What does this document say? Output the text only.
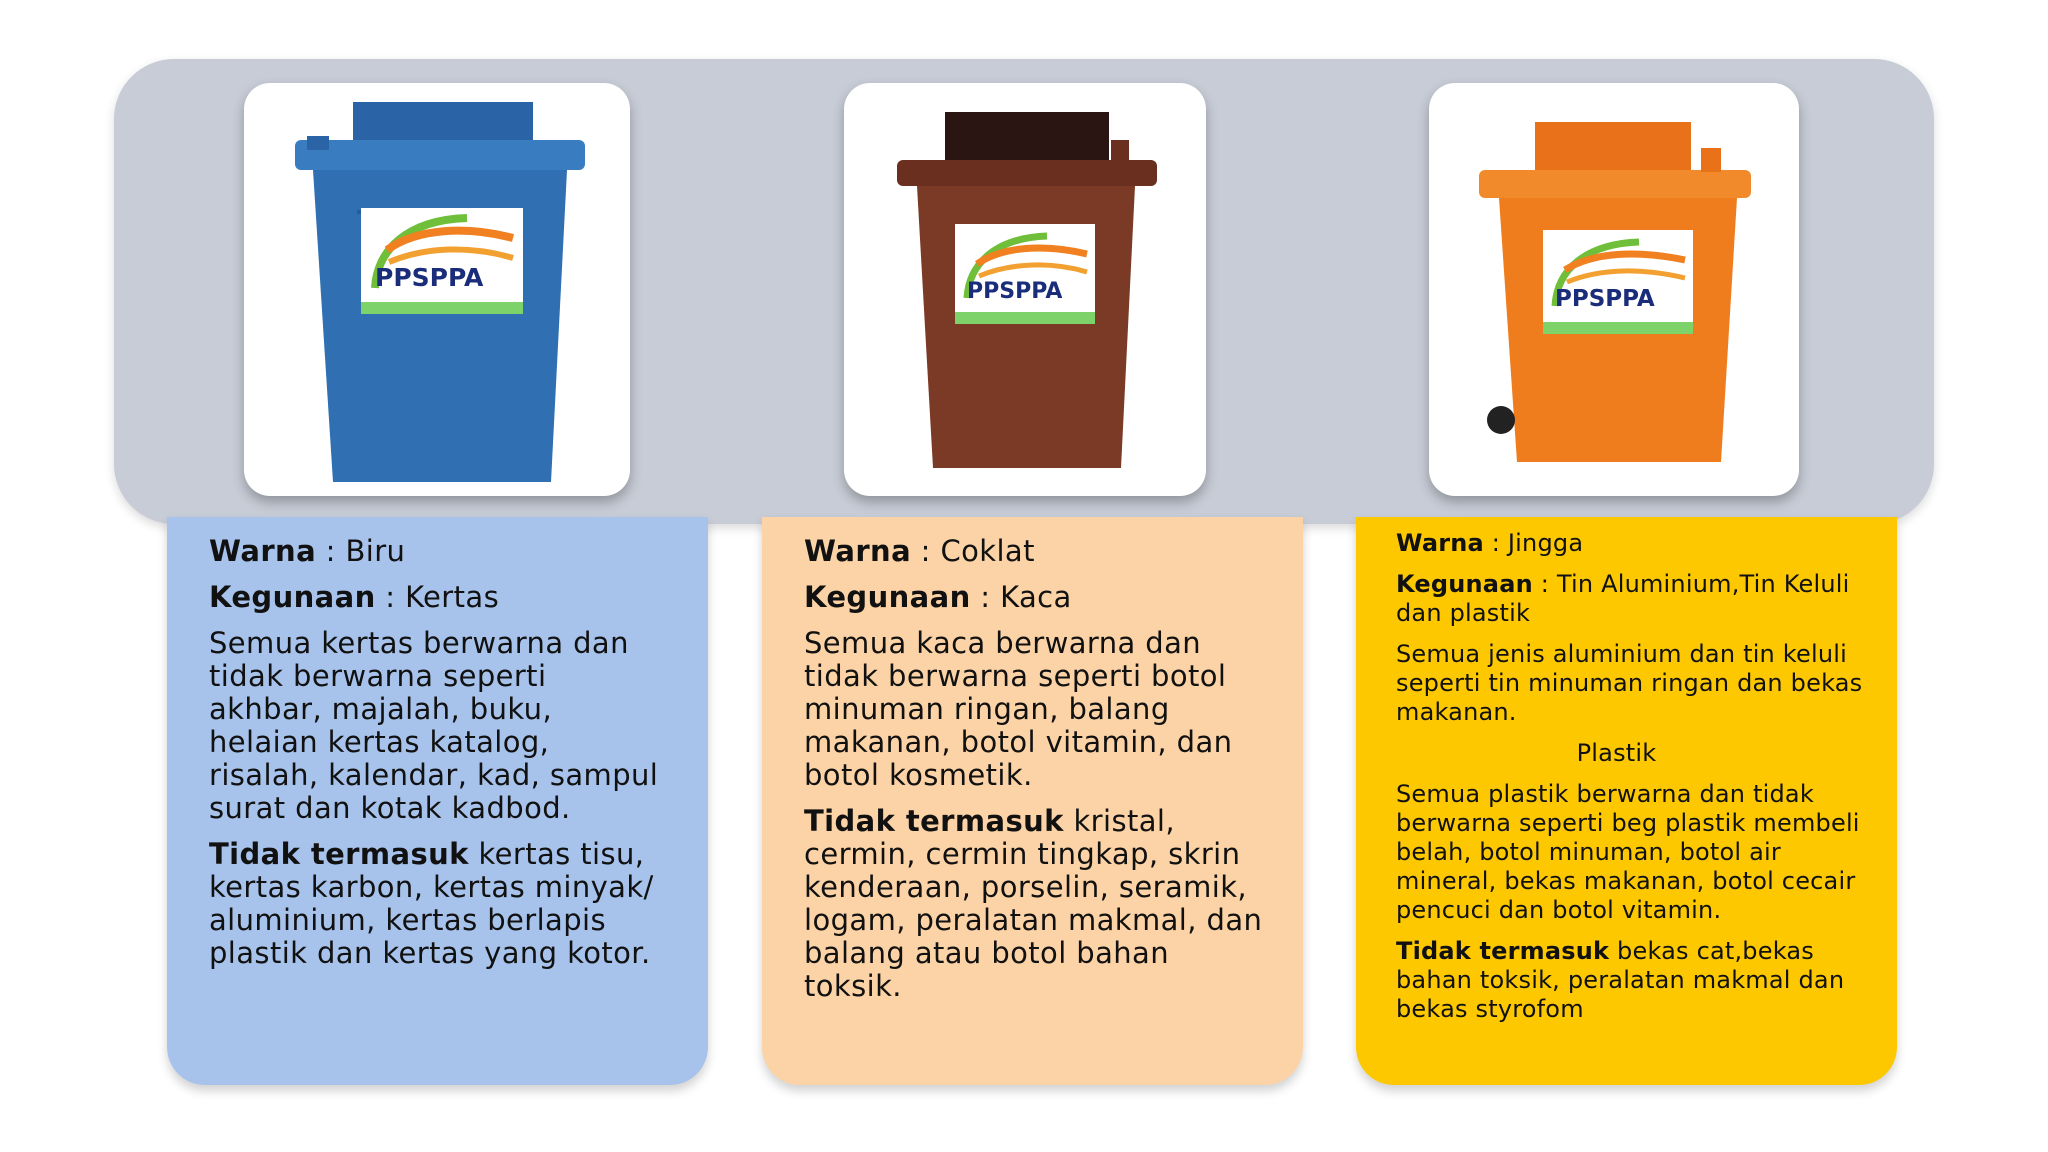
PPSPPA	PPSPPA	PPSPPA

Warna : Biru

Kegunaan : Kertas

Semua kertas berwarna dan tidak berwarna seperti akhbar, majalah, buku, helaian kertas katalog, risalah, kalendar, kad, sampul surat dan kotak kadbod.

Tidak termasuk kertas tisu, kertas karbon, kertas minyak/ aluminium, kertas berlapis plastik dan kertas yang kotor.

Warna : Coklat

Kegunaan : Kaca

Semua kaca berwarna dan tidak berwarna seperti botol minuman ringan, balang makanan, botol vitamin, dan botol kosmetik.

Tidak termasuk kristal, cermin, cermin tingkap, skrin kenderaan, porselin, seramik, logam, peralatan makmal, dan balang atau botol bahan toksik.

Warna : Jingga

Kegunaan : Tin Aluminium,Tin Keluli dan plastik

Semua jenis aluminium dan tin keluli seperti tin minuman ringan dan bekas makanan.

Plastik

Semua plastik berwarna dan tidak berwarna seperti beg plastik membeli belah, botol minuman, botol air mineral, bekas makanan, botol cecair pencuci dan botol vitamin.

Tidak termasuk bekas cat,bekas bahan toksik, peralatan makmal dan bekas styrofom
